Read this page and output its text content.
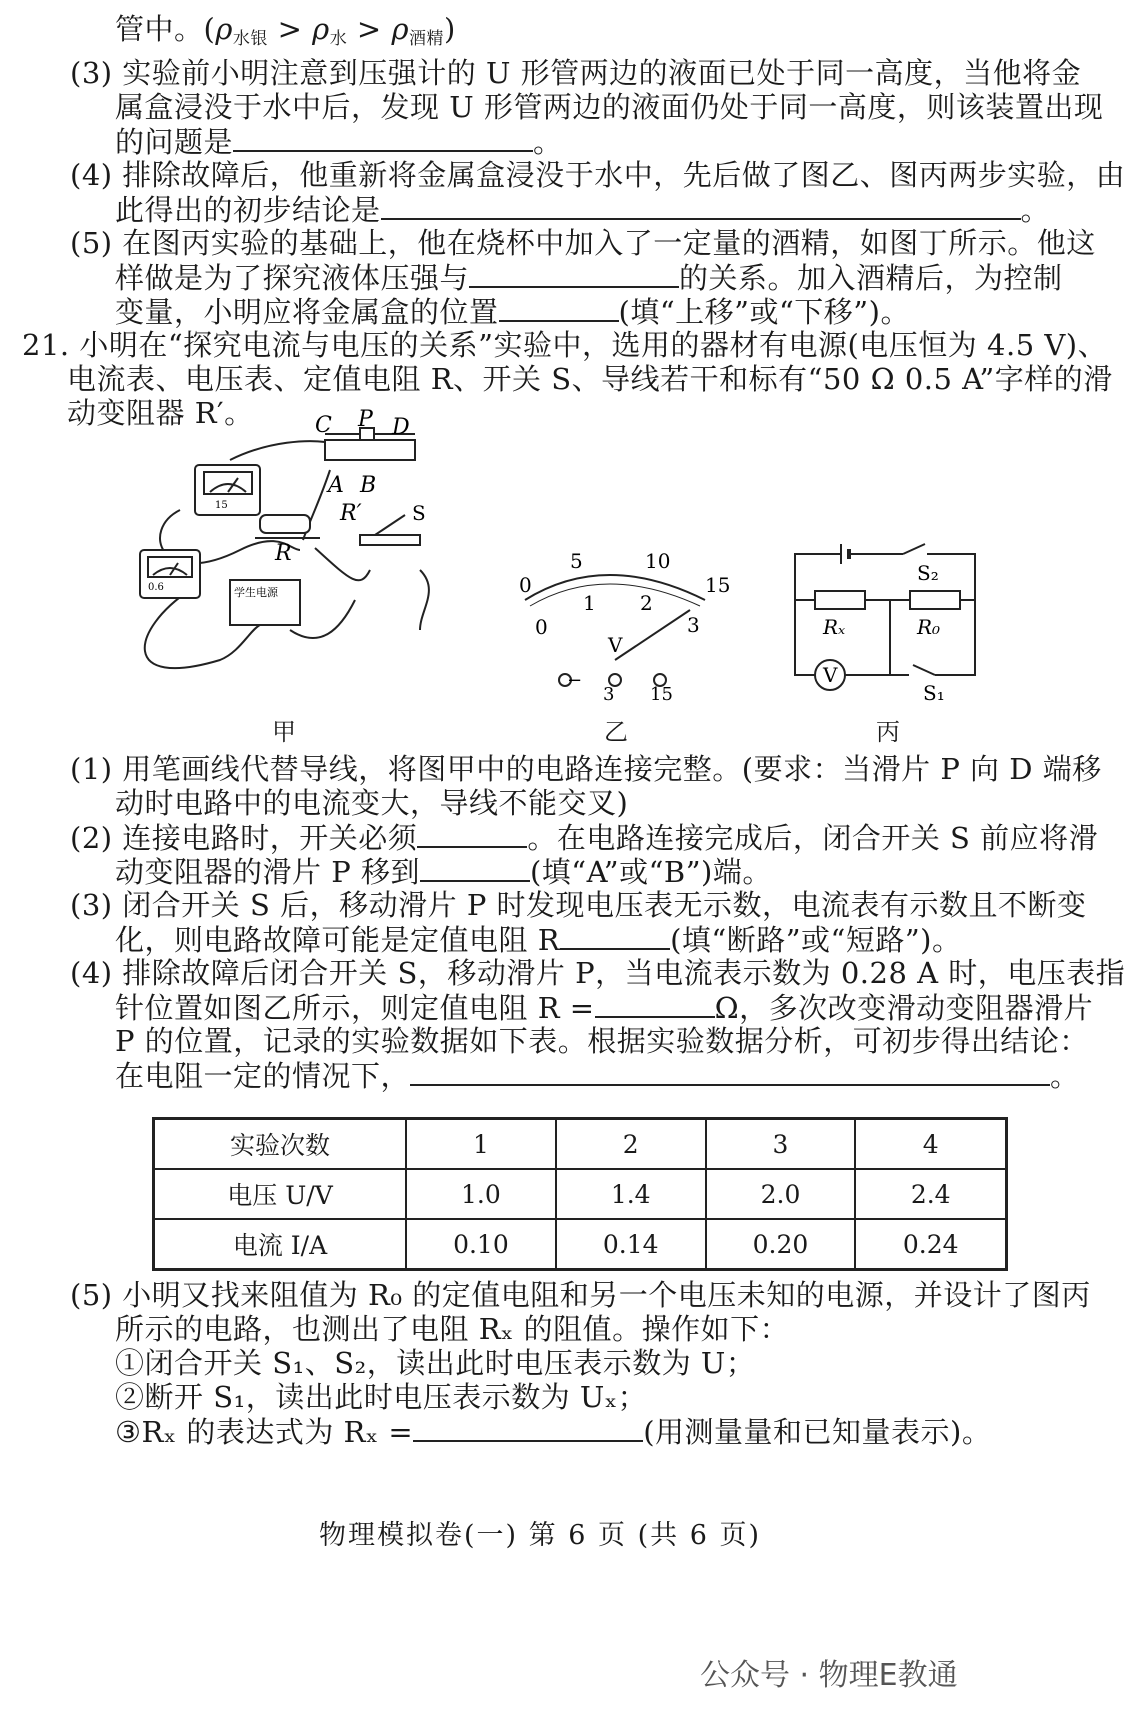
管中。$(\rho_{水银} > \rho_水 > \rho_{酒精})$
(3) 实验前小明注意到压强计的 U 形管两边的液面已处于同一高度，当他将金
属盒浸没于水中后，发现 U 形管两边的液面仍处于同一高度，则该装置出现
的问题是	。
(4) 排除故障后，他重新将金属盒浸没于水中，先后做了图乙、图丙两步实验，由
此得出的初步结论是	。
(5) 在图丙实验的基础上，他在烧杯中加入了一定量的酒精，如图丁所示。他这
样做是为了探究液体压强与	的关系。加入酒精后，为控制
变量，小明应将金属盒的位置	(填“上移”或“下移”)。
21. 小明在“探究电流与电压的关系”实验中，选用的器材有电源(电压恒为 4.5 V)、
电流表、电压表、定值电阻 R、开关 S、导线若干和标有“50 Ω 0.5 A”字样的滑
动变阻器 R′。	C P D
A B
R′
R
S
学生电源
0.6
15
甲
0
5	10
15
0
1 2
3
V
−
3 15
乙
Rₓ	R₀
V
S₁
S₂
丙
(1) 用笔画线代替导线，将图甲中的电路连接完整。(要求：当滑片 P 向 D 端移
动时电路中的电流变大，导线不能交叉)
(2) 连接电路时，开关必须	。在电路连接完成后，闭合开关 S 前应将滑
动变阻器的滑片 P 移到	(填“A”或“B”)端。
(3) 闭合开关 S 后，移动滑片 P 时发现电压表无示数，电流表有示数且不断变
化，则电路故障可能是定值电阻 R	(填“断路”或“短路”)。
(4) 排除故障后闭合开关 S，移动滑片 P，当电流表示数为 0.28 A 时，电压表指
针位置如图乙所示，则定值电阻 R =	Ω，多次改变滑动变阻器滑片
P 的位置，记录的实验数据如下表。根据实验数据分析，可初步得出结论：
在电阻一定的情况下，	。
实验次数	1	2	3	4
电压 U/V	1.0	1.4	2.0	2.4
电流 I/A	0.10	0.14	0.20	0.24
(5) 小明又找来阻值为 R₀ 的定值电阻和另一个电压未知的电源，并设计了图丙
所示的电路，也测出了电阻 Rₓ 的阻值。操作如下：
①闭合开关 S₁、S₂，读出此时电压表示数为 U；
②断开 S₁，读出此时电压表示数为 Uₓ；
③Rₓ 的表达式为 Rₓ =	(用测量量和已知量表示)。
物理模拟卷(一) 第 6 页 (共 6 页)
公众号 · 物理E教通
